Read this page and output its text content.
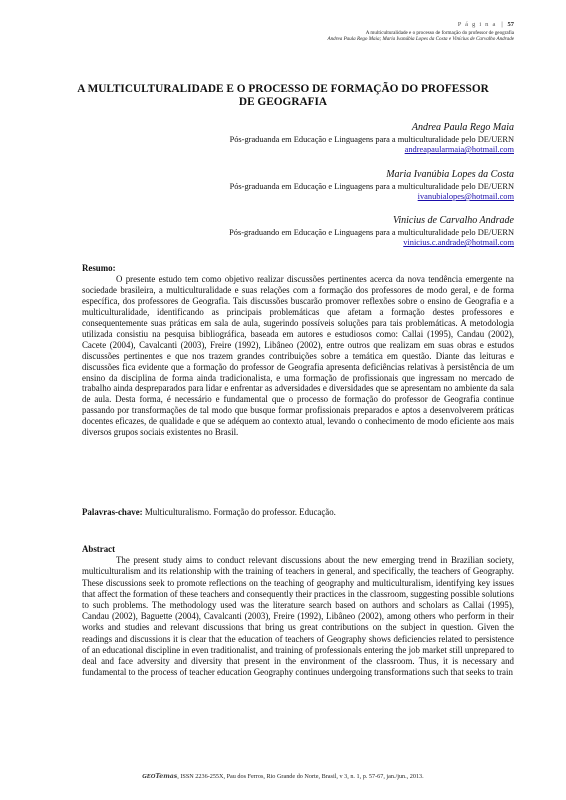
P á g i n a | 57
A multiculturalidade e o processo de formação do professor de geografia
Andrea Paula Rego Maia; Maria Ivanúbia Lopes da Costa e Vinícius de Carvalho Andrade
A MULTICULTURALIDADE E O PROCESSO DE FORMAÇÃO DO PROFESSOR DE GEOGRAFIA
Andrea Paula Rego Maia
Pós-graduanda em Educação e Linguagens para a multiculturalidade pelo DE/UERN
andreapaularmaia@hotmail.com
Maria Ivanúbia Lopes da Costa
Pós-graduanda em Educação e Linguagens para a multiculturalidade pelo DE/UERN
ivanubialopes@hotmail.com
Vinicius de Carvalho Andrade
Pós-graduando em Educação e Linguagens para a multiculturalidade pelo DE/UERN
vinicius.c.andrade@hotmail.com
Resumo:
O presente estudo tem como objetivo realizar discussões pertinentes acerca da nova tendência emergente na sociedade brasileira, a multiculturalidade e suas relações com a formação dos professores de modo geral, e de forma específica, dos professores de Geografia. Tais discussões buscarão promover reflexões sobre o ensino de Geografia e a multiculturalidade, identificando as principais problemáticas que afetam a formação destes professores e consequentemente suas práticas em sala de aula, sugerindo possíveis soluções para tais problemáticas. A metodologia utilizada consistiu na pesquisa bibliográfica, baseada em autores e estudiosos como: Callai (1995), Candau (2002), Cacete (2004), Cavalcanti (2003), Freire (1992), Libâneo (2002), entre outros que realizam em suas obras e estudos discussões pertinentes e que nos trazem grandes contribuições sobre a temática em questão. Diante das leituras e discussões fica evidente que a formação do professor de Geografia apresenta deficiências relativas à persistência de um ensino da disciplina de forma ainda tradicionalista, e uma formação de profissionais que ingressam no mercado de trabalho ainda despreparados para lidar e enfrentar as adversidades e diversidades que se apresentam no ambiente da sala de aula. Desta forma, é necessário e fundamental que o processo de formação do professor de Geografia continue passando por transformações de tal modo que busque formar profissionais preparados e aptos a desenvolverem práticas docentes eficazes, de qualidade e que se adéquem ao contexto atual, levando o conhecimento de modo eficiente aos mais diversos grupos sociais existentes no Brasil.
Palavras-chave: Multiculturalismo. Formação do professor. Educação.
Abstract
The present study aims to conduct relevant discussions about the new emerging trend in Brazilian society, multiculturalism and its relationship with the training of teachers in general, and specifically, the teachers of Geography. These discussions seek to promote reflections on the teaching of geography and multiculturalism, identifying key issues that affect the formation of these teachers and consequently their practices in the classroom, suggesting possible solutions to such problems. The methodology used was the literature search based on authors and scholars as Callai (1995), Candau (2002), Baguette (2004), Cavalcanti (2003), Freire (1992), Libâneo (2002), among others who perform in their works and studies and relevant discussions that bring us great contributions on the subject in question. Given the readings and discussions it is clear that the education of teachers of Geography shows deficiencies related to persistence of an educational discipline in even traditionalist, and training of professionals entering the job market still unprepared to deal and face adversity and diversity that present in the environment of the classroom. Thus, it is necessary and fundamental to the process of teacher education Geography continues undergoing transformations such that seeks to train
GEOTemas, ISSN 2236-255X, Pau dos Ferros, Rio Grande do Norte, Brasil, v 3, n. 1, p. 57-67, jan./jun., 2013.
